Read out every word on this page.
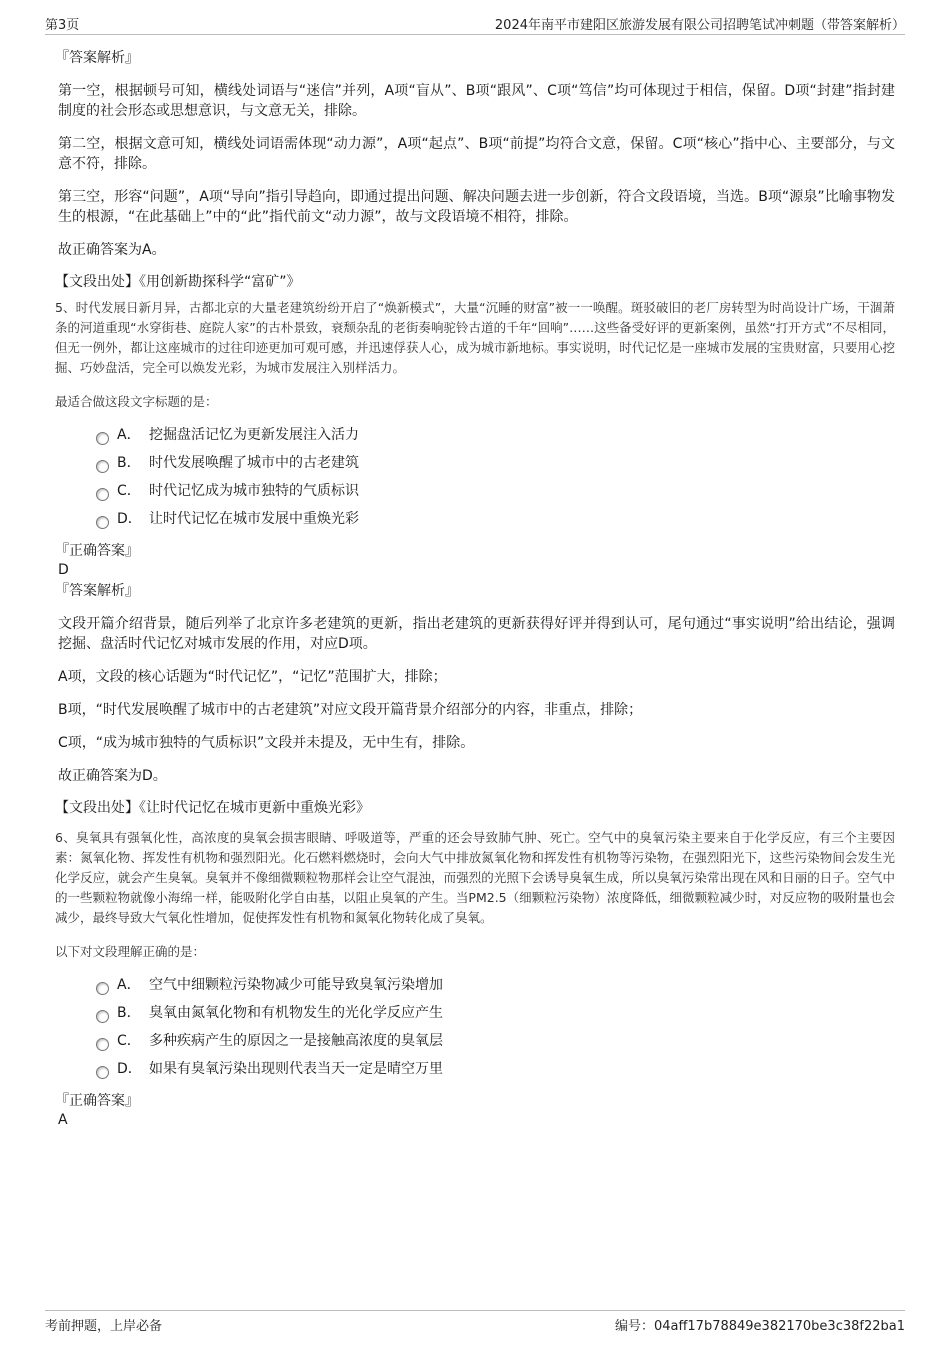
第3页	2024年南平市建阳区旅游发展有限公司招聘笔试冲刺题（带答案解析）

『答案解析』

第一空，根据顿号可知，横线处词语与“迷信”并列，A项“盲从”、B项“跟风”、C项“笃信”均可体现过于相信，保留。D项“封建”指封建制度的社会形态或思想意识，与文意无关，排除。

第二空，根据文意可知，横线处词语需体现“动力源”，A项“起点”、B项“前提”均符合文意，保留。C项“核心”指中心、主要部分，与文意不符，排除。

第三空，形容“问题”，A项“导向”指引导趋向，即通过提出问题、解决问题去进一步创新，符合文段语境，当选。B项“源泉”比喻事物发生的根源，“在此基础上”中的“此”指代前文“动力源”，故与文段语境不相符，排除。

故正确答案为A。

【文段出处】《用创新勘探科学“富矿”》

5、时代发展日新月异，古都北京的大量老建筑纷纷开启了“焕新模式”，大量“沉睡的财富”被一一唤醒。斑驳破旧的老厂房转型为时尚设计广场，干涸萧条的河道重现“水穿街巷、庭院人家”的古朴景致，衰颓杂乱的老街奏响驼铃古道的千年“回响”……这些备受好评的更新案例，虽然“打开方式”不尽相同，但无一例外，都让这座城市的过往印迹更加可观可感，并迅速俘获人心，成为城市新地标。事实说明，时代记忆是一座城市发展的宝贵财富，只要用心挖掘、巧妙盘活，完全可以焕发光彩，为城市发展注入别样活力。

最适合做这段文字标题的是：

A． 挖掘盘活记忆为更新发展注入活力
B． 时代发展唤醒了城市中的古老建筑
C． 时代记忆成为城市独特的气质标识
D． 让时代记忆在城市发展中重焕光彩

『正确答案』

D

『答案解析』

文段开篇介绍背景，随后列举了北京许多老建筑的更新，指出老建筑的更新获得好评并得到认可，尾句通过“事实说明”给出结论，强调挖掘、盘活时代记忆对城市发展的作用，对应D项。

A项，文段的核心话题为“时代记忆”，“记忆”范围扩大，排除；

B项，“时代发展唤醒了城市中的古老建筑”对应文段开篇背景介绍部分的内容，非重点，排除；

C项，“成为城市独特的气质标识”文段并未提及，无中生有，排除。

故正确答案为D。

【文段出处】《让时代记忆在城市更新中重焕光彩》

6、臭氧具有强氧化性，高浓度的臭氧会损害眼睛、呼吸道等，严重的还会导致肺气肿、死亡。空气中的臭氧污染主要来自于化学反应，有三个主要因素：氮氧化物、挥发性有机物和强烈阳光。化石燃料燃烧时，会向大气中排放氮氧化物和挥发性有机物等污染物，在强烈阳光下，这些污染物间会发生光化学反应，就会产生臭氧。臭氧并不像细微颗粒物那样会让空气混浊，而强烈的光照下会诱导臭氧生成，所以臭氧污染常出现在风和日丽的日子。空气中的一些颗粒物就像小海绵一样，能吸附化学自由基，以阻止臭氧的产生。当PM2.5（细颗粒污染物）浓度降低，细微颗粒减少时，对反应物的吸附量也会减少，最终导致大气氧化性增加，促使挥发性有机物和氮氧化物转化成了臭氧。

以下对文段理解正确的是：

A． 空气中细颗粒污染物减少可能导致臭氧污染增加
B． 臭氧由氮氧化物和有机物发生的光化学反应产生
C． 多种疾病产生的原因之一是接触高浓度的臭氧层
D． 如果有臭氧污染出现则代表当天一定是晴空万里

『正确答案』

A

考前押题，上岸必备	编号：04aff17b78849e382170be3c38f22ba1
